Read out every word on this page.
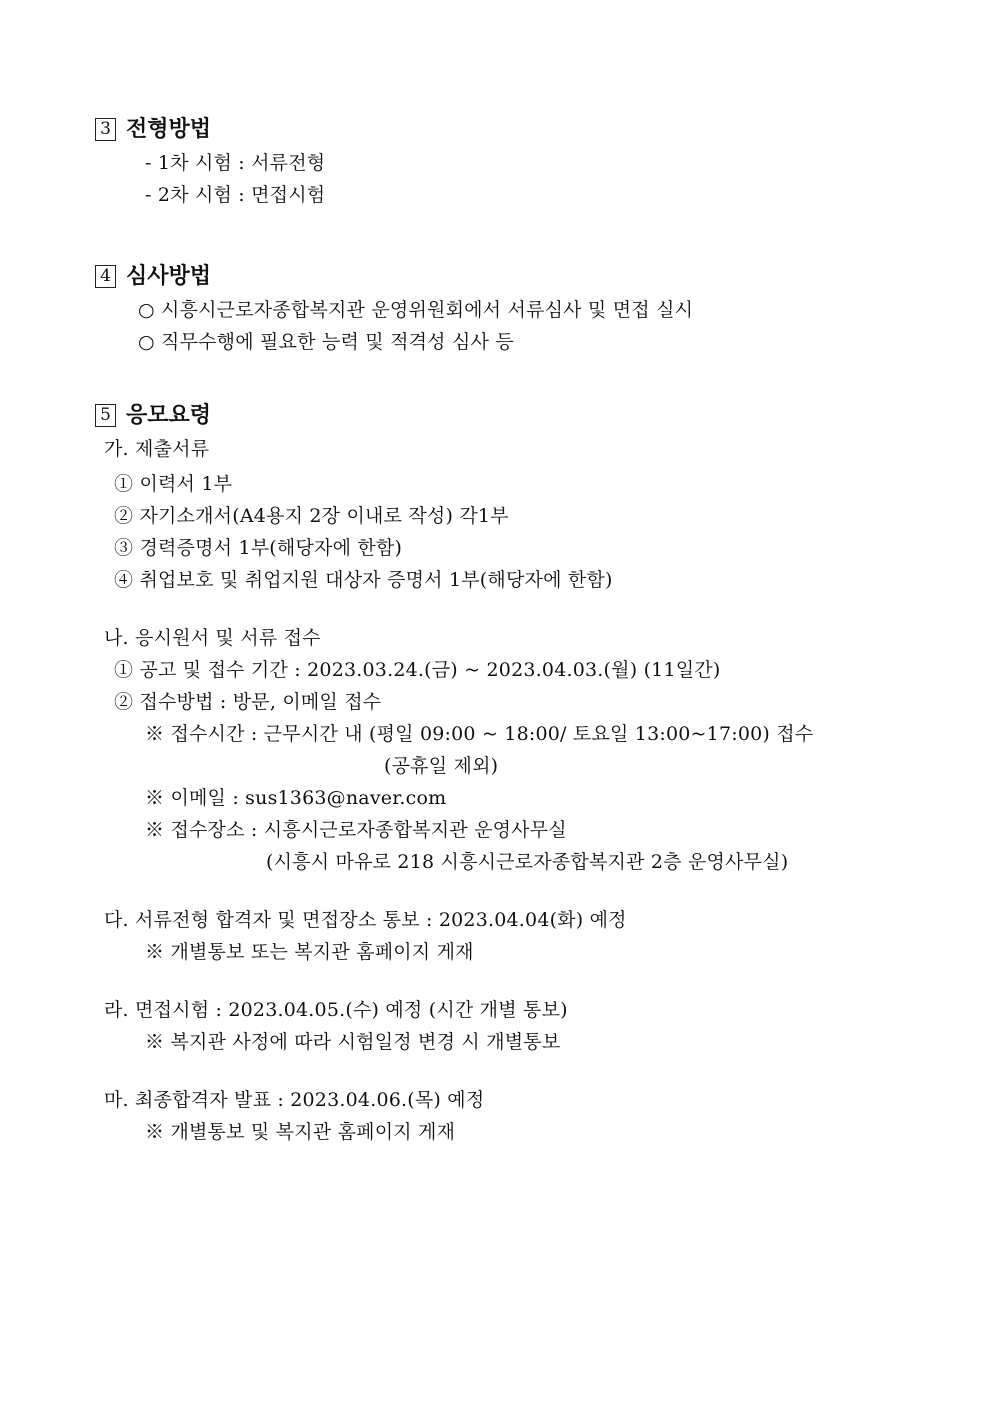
3 전형방법
- 1차 시험 : 서류전형
- 2차 시험 : 면접시험
4 심사방법
○ 시흥시근로자종합복지관 운영위원회에서 서류심사 및 면접 실시
○ 직무수행에 필요한 능력 및 적격성 심사 등
5 응모요령
가. 제출서류
① 이력서 1부
② 자기소개서(A4용지 2장 이내로 작성) 각1부
③ 경력증명서 1부(해당자에 한함)
④ 취업보호 및 취업지원 대상자 증명서 1부(해당자에 한함)
나. 응시원서 및 서류 접수
① 공고 및 접수 기간 : 2023.03.24.(금) ~ 2023.04.03.(월) (11일간)
② 접수방법 : 방문, 이메일 접수
※ 접수시간 : 근무시간 내 (평일 09:00 ~ 18:00/ 토요일 13:00~17:00) 접수
(공휴일 제외)
※ 이메일 : sus1363@naver.com
※ 접수장소 : 시흥시근로자종합복지관 운영사무실
(시흥시 마유로 218 시흥시근로자종합복지관 2층 운영사무실)
다. 서류전형 합격자 및 면접장소 통보 : 2023.04.04(화) 예정
※ 개별통보 또는 복지관 홈페이지 게재
라. 면접시험 : 2023.04.05.(수) 예정 (시간 개별 통보)
※ 복지관 사정에 따라 시험일정 변경 시 개별통보
마. 최종합격자 발표 : 2023.04.06.(목) 예정
※ 개별통보 및 복지관 홈페이지 게재
